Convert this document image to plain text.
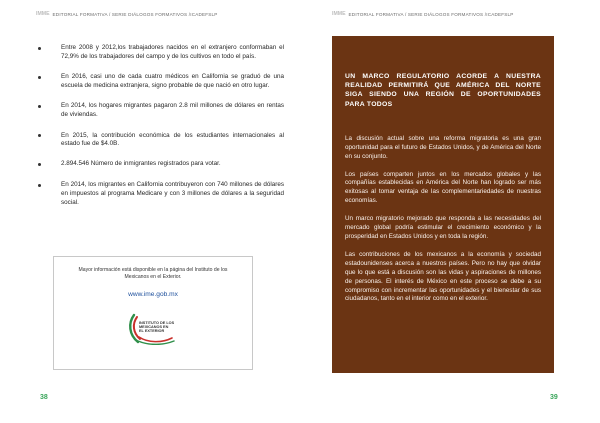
IMME EDITORIAL FORMATIVA / SERIE DIÁLOGOS FORMATIVOS /ICADEFSLP
Entre 2008 y 2012,los trabajadores nacidos en el extranjero conformaban el 72,9% de los trabajadores del campo y de los cultivos en todo el país.
En 2016, casi uno de cada cuatro médicos en California se graduó de una escuela de medicina extranjera, signo probable de que nació en otro lugar.
En 2014, los hogares migrantes pagaron 2.8 mil millones de dólares en rentas de viviendas.
En 2015, la contribución económica de los estudiantes internacionales al estado fue de $4.0B.
2.894.546 Número de inmigrantes registrados para votar.
En 2014, los migrantes en California contribuyeron con 740 millones de dólares en impuestos al programa Medicare y con 3 millones de dólares a la seguridad social.

Mayor información está disponible en la página del Instituto de los Mexicanos en el Exterior.

www.ime.gob.mx
INSTITUTO DE LOS
MEXICANOS EN
EL EXTERIOR
38
IMME EDITORIAL FORMATIVA / SERIE DIÁLOGOS FORMATIVOS /ICADEFSLP
UN MARCO REGULATORIO ACORDE A NUESTRA REALIDAD PERMITIRÁ QUE AMÉRICA DEL NORTE SIGA SIENDO UNA REGIÓN DE OPORTUNIDADES PARA TODOS

La discusión actual sobre una reforma migratoria es una gran oportunidad para el futuro de Estados Unidos, y de América del Norte en su conjunto.

Los países comparten juntos en los mercados globales y las compañías establecidas en América del Norte han logrado ser más exitosas al tomar ventaja de las complementariedades de nuestras economías.

Un marco migratorio mejorado que responda a las necesidades del mercado global podría estimular el crecimiento económico y la prosperidad en Estados Unidos y en toda la región.

Las contribuciones de los mexicanos a la economía y sociedad estadounidenses acerca a nuestros países. Pero no hay que olvidar que lo que está a discusión son las vidas y aspiraciones de millones de personas. El interés de México en este proceso se debe a su compromiso con incrementar las oportunidades y el bienestar de sus ciudadanos, tanto en el interior como en el exterior.

39
